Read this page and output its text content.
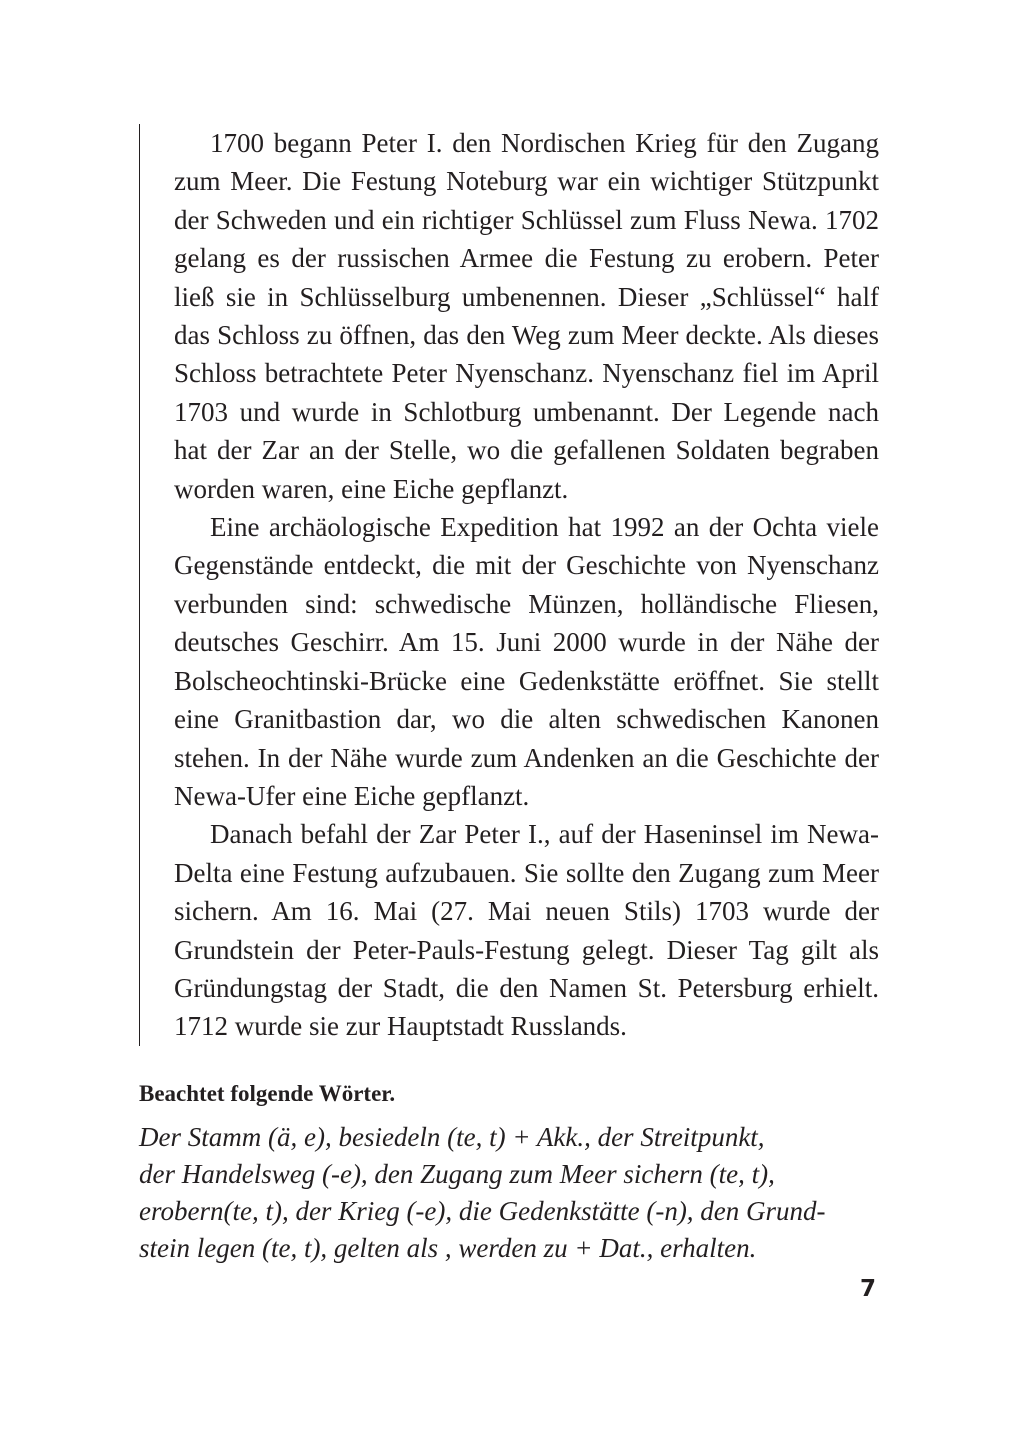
1700 begann Peter I. den Nordischen Krieg für den Zugang zum Meer. Die Festung Noteburg war ein wichtiger Stützpunkt der Schweden und ein richtiger Schlüssel zum Fluss Newa. 1702 gelang es der russischen Armee die Festung zu erobern. Peter ließ sie in Schlüsselburg umbenennen. Dieser „Schlüssel“ half das Schloss zu öffnen, das den Weg zum Meer deckte. Als dieses Schloss betrachtete Peter Nyenschanz. Nyenschanz fiel im April 1703 und wurde in Schlotburg umbenannt. Der Legende nach hat der Zar an der Stelle, wo die gefallenen Soldaten begraben worden waren, eine Eiche gepflanzt.

Eine archäologische Expedition hat 1992 an der Ochta viele Gegenstände entdeckt, die mit der Geschichte von Nyenschanz verbunden sind: schwedische Münzen, holländische Fliesen, deutsches Geschirr. Am 15. Juni 2000 wurde in der Nähe der Bolscheochtinski-Brücke eine Gedenkstätte eröffnet. Sie stellt eine Granitbastion dar, wo die alten schwedischen Kanonen stehen. In der Nähe wurde zum Andenken an die Geschichte der Newa-Ufer eine Eiche gepflanzt.

Danach befahl der Zar Peter I., auf der Haseninsel im Newa-Delta eine Festung aufzubauen. Sie sollte den Zugang zum Meer sichern. Am 16. Mai (27. Mai neuen Stils) 1703 wurde der Grundstein der Peter-Pauls-Festung gelegt. Dieser Tag gilt als Gründungstag der Stadt, die den Namen St. Petersburg erhielt. 1712 wurde sie zur Hauptstadt Russlands.

Beachtet folgende Wörter.
Der Stamm (ä, e), besiedeln (te, t) + Akk., der Streitpunkt,
der Handelsweg (-e), den Zugang zum Meer sichern (te, t),
erobern(te, t), der Krieg (-e), die Gedenkstätte (-n), den Grund-
stein legen (te, t), gelten als , werden zu + Dat., erhalten.
7
